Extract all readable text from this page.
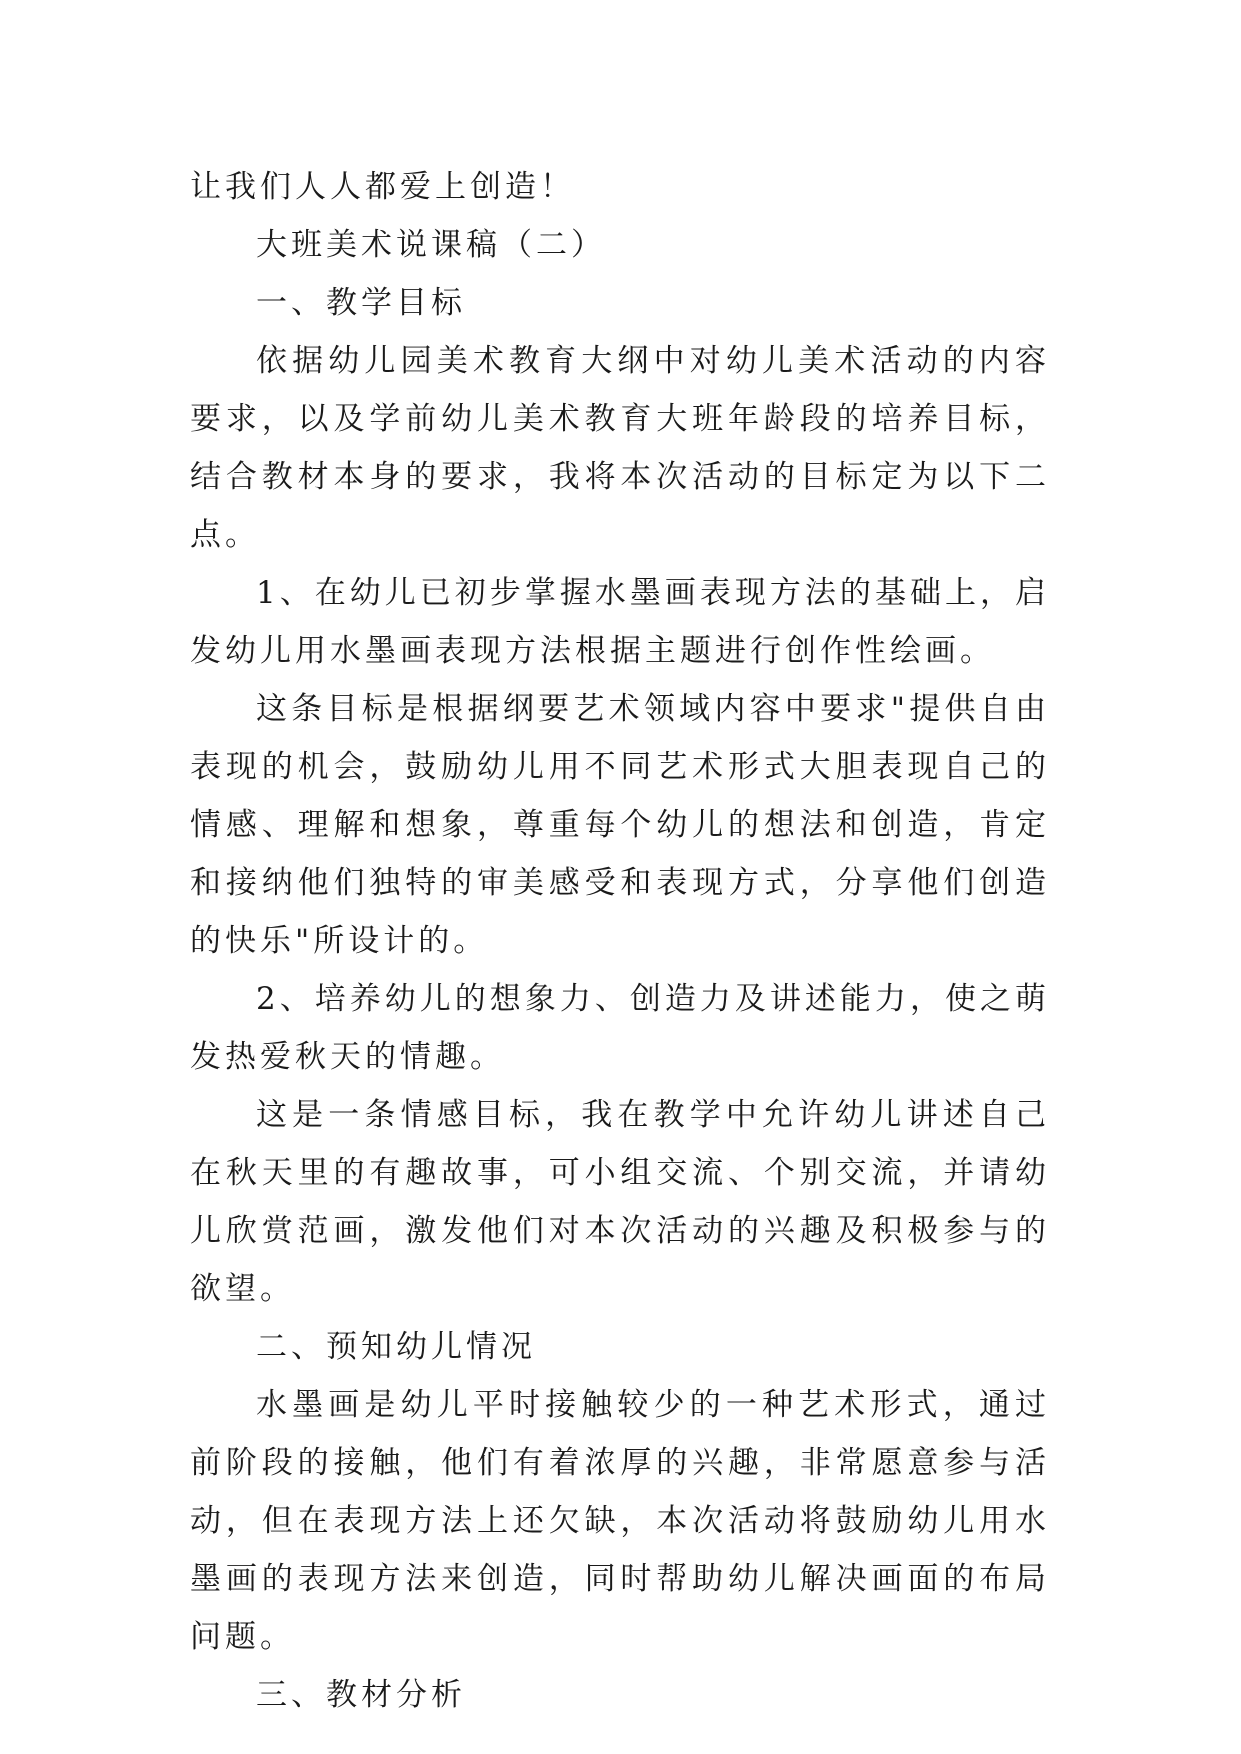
让我们人人都爱上创造！

大班美术说课稿（二）

一、教学目标

依据幼儿园美术教育大纲中对幼儿美术活动的内容要求，以及学前幼儿美术教育大班年龄段的培养目标，结合教材本身的要求，我将本次活动的目标定为以下二点。

1、在幼儿已初步掌握水墨画表现方法的基础上，启发幼儿用水墨画表现方法根据主题进行创作性绘画。

这条目标是根据纲要艺术领域内容中要求"提供自由表现的机会，鼓励幼儿用不同艺术形式大胆表现自己的情感、理解和想象，尊重每个幼儿的想法和创造，肯定和接纳他们独特的审美感受和表现方式，分享他们创造的快乐"所设计的。

2、培养幼儿的想象力、创造力及讲述能力，使之萌发热爱秋天的情趣。

这是一条情感目标，我在教学中允许幼儿讲述自己在秋天里的有趣故事，可小组交流、个别交流，并请幼儿欣赏范画，激发他们对本次活动的兴趣及积极参与的欲望。

二、预知幼儿情况

水墨画是幼儿平时接触较少的一种艺术形式，通过前阶段的接触，他们有着浓厚的兴趣，非常愿意参与活动，但在表现方法上还欠缺，本次活动将鼓励幼儿用水墨画的表现方法来创造，同时帮助幼儿解决画面的布局问题。

三、教材分析
